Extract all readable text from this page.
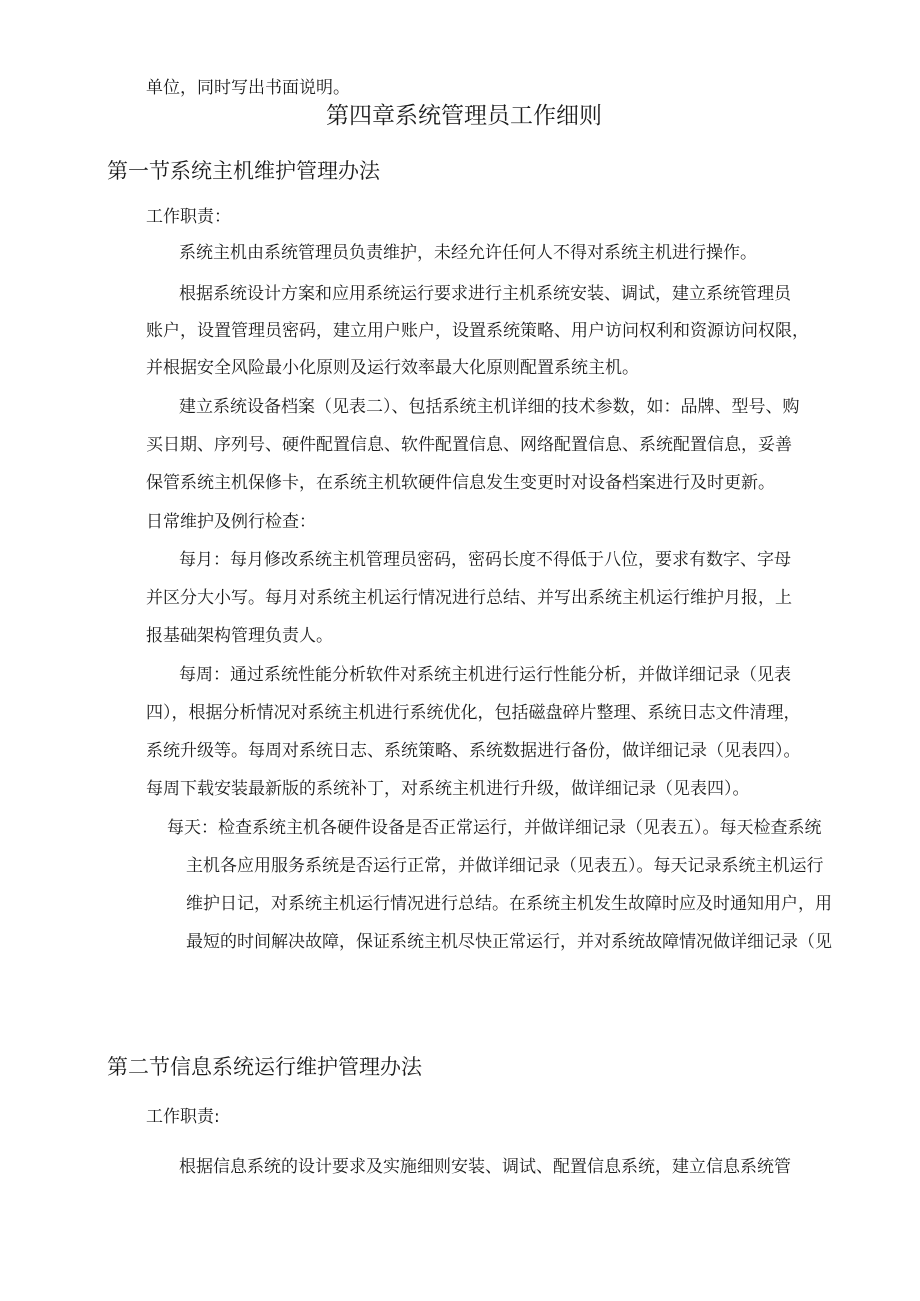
单位，同时写出书面说明。

第四章系统管理员工作细则
第一节系统主机维护管理办法

工作职责：

系统主机由系统管理员负责维护，未经允许任何人不得对系统主机进行操作。

根据系统设计方案和应用系统运行要求进行主机系统安装、调试，建立系统管理员

账户，设置管理员密码，建立用户账户，设置系统策略、用户访问权利和资源访问权限，

并根据安全风险最小化原则及运行效率最大化原则配置系统主机。

建立系统设备档案（见表二）、包括系统主机详细的技术参数，如：品牌、型号、购

买日期、序列号、硬件配置信息、软件配置信息、网络配置信息、系统配置信息，妥善

保管系统主机保修卡，在系统主机软硬件信息发生变更时对设备档案进行及时更新。

日常维护及例行检查：

每月：每月修改系统主机管理员密码，密码长度不得低于八位，要求有数字、字母

并区分大小写。每月对系统主机运行情况进行总结、并写出系统主机运行维护月报，上

报基础架构管理负责人。

每周：通过系统性能分析软件对系统主机进行运行性能分析，并做详细记录（见表

四），根据分析情况对系统主机进行系统优化，包括磁盘碎片整理、系统日志文件清理，

系统升级等。每周对系统日志、系统策略、系统数据进行备份，做详细记录（见表四）。

每周下载安装最新版的系统补丁，对系统主机进行升级，做详细记录（见表四）。

每天：检查系统主机各硬件设备是否正常运行，并做详细记录（见表五）。每天检查系统

主机各应用服务系统是否运行正常，并做详细记录（见表五）。每天记录系统主机运行

维护日记，对系统主机运行情况进行总结。在系统主机发生故障时应及时通知用户，用

最短的时间解决故障，保证系统主机尽快正常运行，并对系统故障情况做详细记录（见

第二节信息系统运行维护管理办法

工作职责:

根据信息系统的设计要求及实施细则安装、调试、配置信息系统，建立信息系统管
